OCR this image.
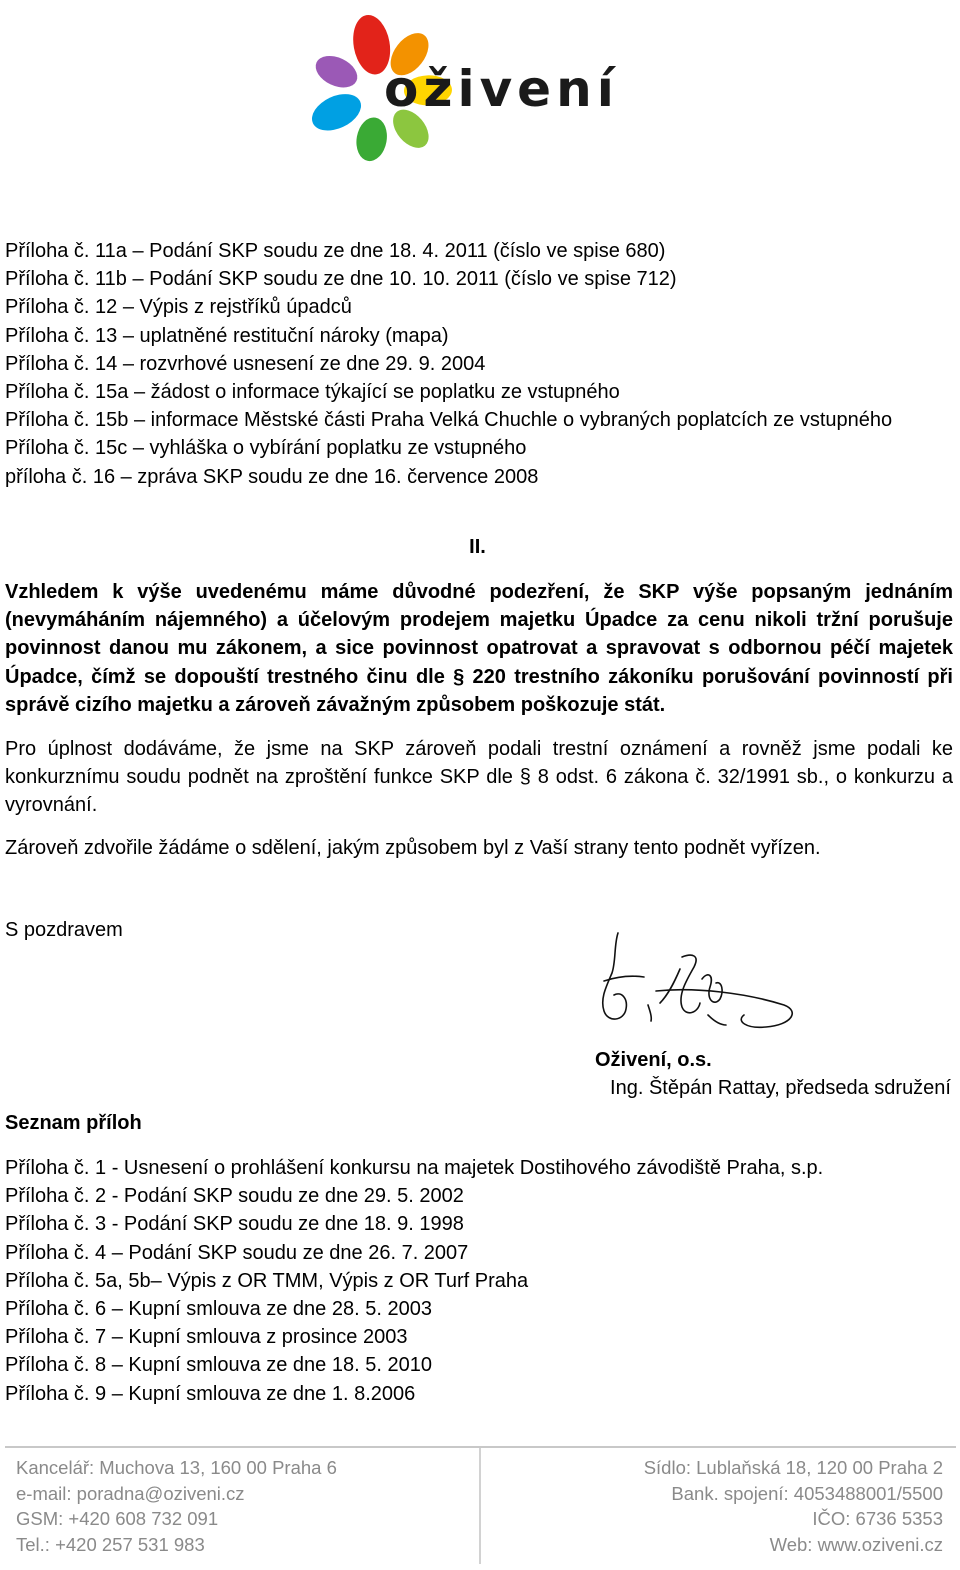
oživení
Příloha č. 11a – Podání SKP soudu ze dne 18. 4. 2011 (číslo ve spise 680)
Příloha č. 11b – Podání SKP soudu ze dne 10. 10. 2011 (číslo ve spise 712)
Příloha č. 12 – Výpis z rejstříků úpadců
Příloha č. 13 – uplatněné restituční nároky (mapa)
Příloha č. 14 – rozvrhové usnesení ze dne 29. 9. 2004
Příloha č. 15a – žádost o informace týkající se poplatku ze vstupného
Příloha č. 15b – informace Městské části Praha Velká Chuchle o vybraných poplatcích ze vstupného
Příloha č. 15c – vyhláška o vybírání poplatku ze vstupného
příloha č. 16 – zpráva SKP soudu ze dne 16. července 2008
II.

Vzhledem k výše uvedenému máme důvodné podezření, že SKP výše popsaným jednáním (nevymáháním nájemného) a účelovým prodejem majetku Úpadce za cenu nikoli tržní porušuje povinnost danou mu zákonem, a sice povinnost opatrovat a spravovat s odbornou péčí majetek Úpadce, čímž se dopouští trestného činu dle § 220 trestního zákoníku porušování povinností při správě cizího majetku a zároveň závažným způsobem poškozuje stát.

Pro úplnost dodáváme, že jsme na SKP zároveň podali trestní oznámení a rovněž jsme podali ke konkurznímu soudu podnět na zproštění funkce SKP dle § 8 odst. 6 zákona č. 32/1991 sb., o konkurzu a vyrovnání.

Zároveň zdvořile žádáme o sdělení, jakým způsobem byl z Vaší strany tento podnět vyřízen.

S pozdravem
Oživení, o.s.
Ing. Štěpán Rattay, předseda sdružení
Seznam příloh
Příloha č. 1 - Usnesení o prohlášení konkursu na majetek Dostihového závodiště Praha, s.p.
Příloha č. 2 - Podání SKP soudu ze dne 29. 5. 2002
Příloha č. 3 - Podání SKP soudu ze dne 18. 9. 1998
Příloha č. 4 – Podání SKP soudu ze dne 26. 7. 2007
Příloha č. 5a, 5b– Výpis z OR TMM, Výpis z OR Turf Praha
Příloha č. 6 – Kupní smlouva ze dne 28. 5. 2003
Příloha č. 7 – Kupní smlouva z prosince 2003
Příloha č. 8 – Kupní smlouva ze dne 18. 5. 2010
Příloha č. 9 – Kupní smlouva ze dne 1. 8.2006
Kancelář: Muchova 13, 160 00 Praha 6
e-mail: poradna@oziveni.cz
GSM: +420 608 732 091
Tel.: +420 257 531 983
Sídlo: Lublaňská 18, 120 00 Praha 2
Bank. spojení: 4053488001/5500
IČO: 6736 5353
Web: www.oziveni.cz
